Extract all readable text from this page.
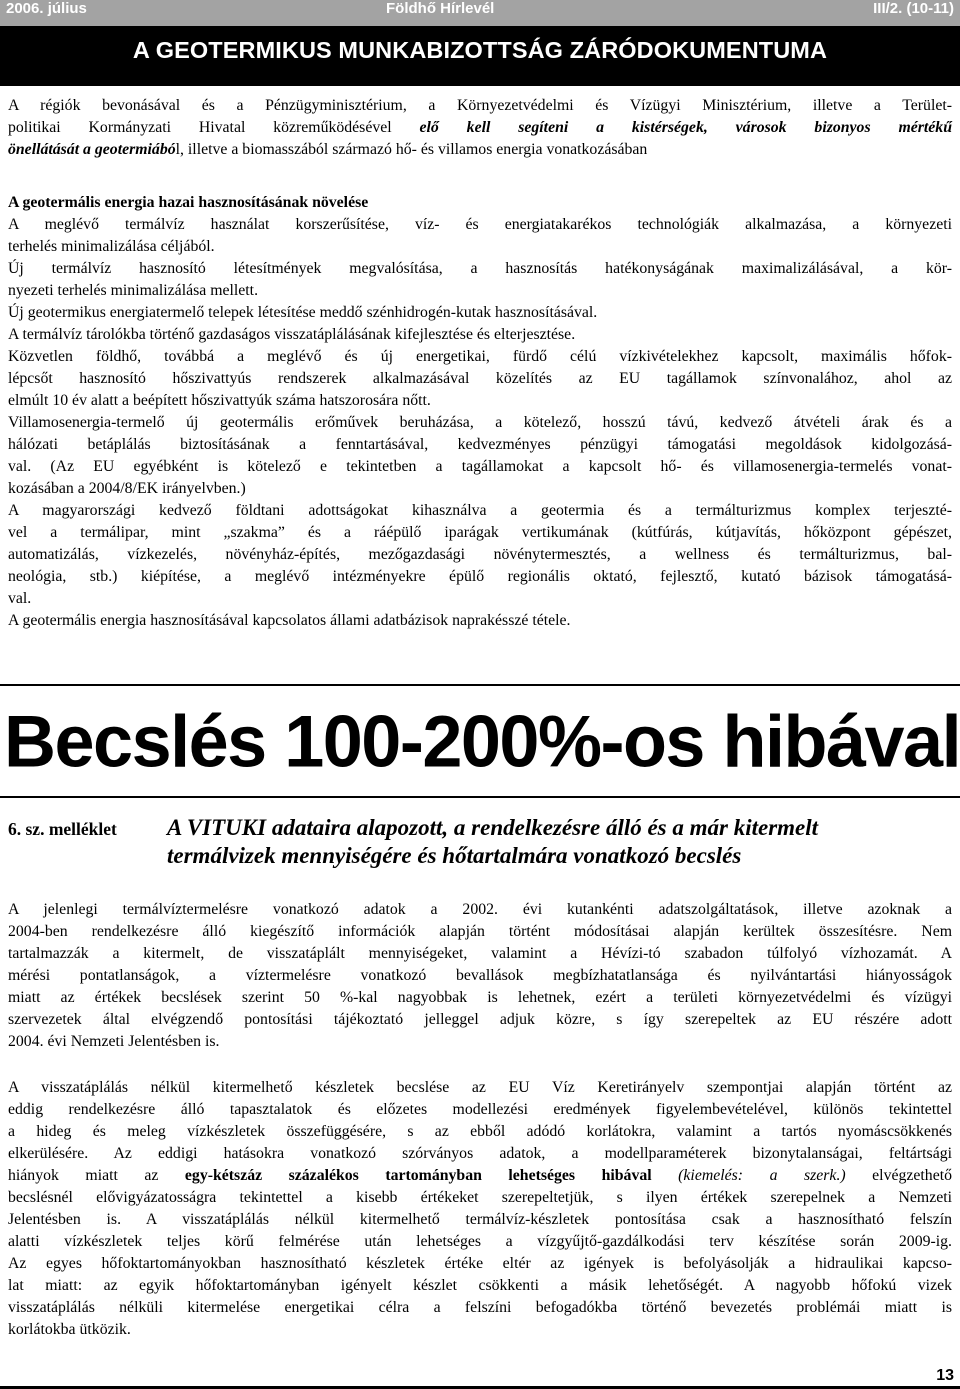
2006. július	Földhő Hírlevél	III/2. (10-11)
A GEOTERMIKUS MUNKABIZOTTSÁG ZÁRÓDOKUMENTUMA
A régiók bevonásával és a Pénzügyminisztérium, a Környezetvédelmi és Vízügyi Minisztérium, illetve a Terület-
politikai Kormányzati Hivatal közreműködésével elő kell segíteni a kistérségek, városok bizonyos mértékű
önellátását a geotermiából, illetve a biomasszából származó hő- és villamos energia vonatkozásában
A geotermális energia hazai hasznosításának növelése
A meglévő termálvíz használat korszerűsítése, víz- és energiatakarékos technológiák alkalmazása, a környezeti
terhelés minimalizálása céljából.
Új termálvíz hasznosító létesítmények megvalósítása, a hasznosítás hatékonyságának maximalizálásával, a kör-
nyezeti terhelés minimalizálása mellett.
Új geotermikus energiatermelő telepek létesítése meddő szénhidrogén-kutak hasznosításával.
A termálvíz tárolókba történő gazdaságos visszatáplálásának kifejlesztése és elterjesztése.
Közvetlen földhő, továbbá a meglévő és új energetikai, fürdő célú vízkivételekhez kapcsolt, maximális hőfok-
lépcsőt hasznosító hőszivattyús rendszerek alkalmazásával közelítés az EU tagállamok színvonalához, ahol az
elmúlt 10 év alatt a beépített hőszivattyúk száma hatszorosára nőtt.
Villamosenergia-termelő új geotermális erőművek beruházása, a kötelező, hosszú távú, kedvező átvételi árak és a
hálózati betáplálás biztosításának a fenntartásával, kedvezményes pénzügyi támogatási megoldások kidolgozásá-
val. (Az EU egyébként is kötelező e tekintetben a tagállamokat a kapcsolt hő- és villamosenergia-termelés vonat-
kozásában a 2004/8/EK irányelvben.)
A magyarországi kedvező földtani adottságokat kihasználva a geotermia és a termálturizmus komplex terjeszté-
vel a termálipar, mint „szakma” és a ráépülő iparágak vertikumának (kútfúrás, kútjavítás, hőközpont gépészet,
automatizálás, vízkezelés, növényház-építés, mezőgazdasági növénytermesztés, a wellness és termálturizmus, bal-
neológia, stb.) kiépítése, a meglévő intézményekre épülő regionális oktató, fejlesztő, kutató bázisok támogatásá-
val.
A geotermális energia hasznosításával kapcsolatos állami adatbázisok naprakésszé tétele.
Becslés 100-200%-os hibával
6. sz. melléklet A VITUKI adataira alapozott, a rendelkezésre álló és a már kitermelt
termálvizek mennyiségére és hőtartalmára vonatkozó becslés
A jelenlegi termálvíztermelésre vonatkozó adatok a 2002. évi kutankénti adatszolgáltatások, illetve azoknak a
2004-ben rendelkezésre álló kiegészítő információk alapján történt módosításai alapján kerültek összesítésre. Nem
tartalmazzák a kitermelt, de visszatáplált mennyiségeket, valamint a Hévízi-tó szabadon túlfolyó vízhozamát. A
mérési pontatlanságok, a víztermelésre vonatkozó bevallások megbízhatatlansága és nyilvántartási hiányosságok
miatt az értékek becslések szerint 50 %-kal nagyobbak is lehetnek, ezért a területi környezetvédelmi és vízügyi
szervezetek által elvégzendő pontosítási tájékoztató jelleggel adjuk közre, s így szerepeltek az EU részére adott
2004. évi Nemzeti Jelentésben is.
A visszatáplálás nélkül kitermelhető készletek becslése az EU Víz Keretirányelv szempontjai alapján történt az
eddig rendelkezésre álló tapasztalatok és előzetes modellezési eredmények figyelembevételével, különös tekintettel
a hideg és meleg vízkészletek összefüggésére, s az ebből adódó korlátokra, valamint a tartós nyomáscsökkenés
elkerülésére. Az eddigi hatásokra vonatkozó szórványos adatok, a modellparaméterek bizonytalanságai, feltártsági
hiányok miatt az egy-kétszáz százalékos tartományban lehetséges hibával (kiemelés: a szerk.) elvégzethető
becslésnél elővigyázatosságra tekintettel a kisebb értékeket szerepeltetjük, s ilyen értékek szerepelnek a Nemzeti
Jelentésben is. A visszatáplálás nélkül kitermelhető termálvíz-készletek pontosítása csak a hasznosítható felszín
alatti vízkészletek teljes körű felmérése után lehetséges a vízgyűjtő-gazdálkodási terv készítése során 2009-ig.
Az egyes hőfoktartományokban hasznosítható készletek értéke eltér az igények is befolyásolják a hidraulikai kapcso-
lat miatt: az egyik hőfoktartományban igényelt készlet csökkenti a másik lehetőségét. A nagyobb hőfokú vizek
visszatáplálás nélküli kitermelése energetikai célra a felszíni befogadókba történő bevezetés problémái miatt is
korlátokba ütközik.
13
